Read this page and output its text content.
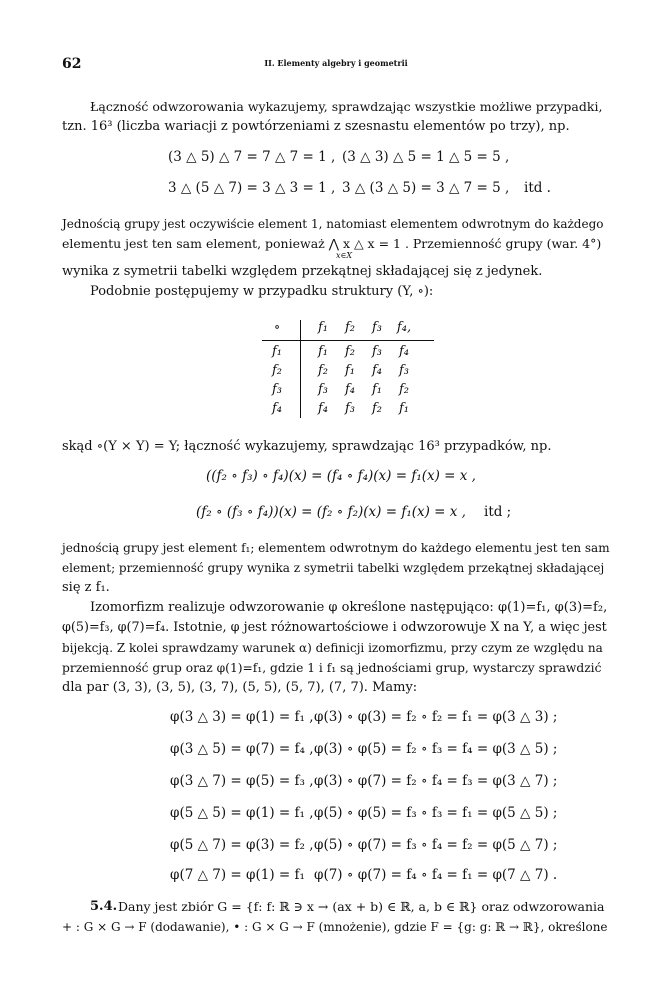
62	II. Elementy algebry i geometrii
Łączność odwzorowania wykazujemy, sprawdzając wszystkie możliwe przypadki,
tzn. 16³ (liczba wariacji z powtórzeniami z szesnastu elementów po trzy), np.
(3 △ 5) △ 7 = 7 △ 7 = 1 , (3 △ 3) △ 5 = 1 △ 5 = 5 ,
3 △ (5 △ 7) = 3 △ 3 = 1 , 3 △ (3 △ 5) = 3 △ 7 = 5 , itd .
Jednością grupy jest oczywiście element 1, natomiast elementem odwrotnym do każdego
elementu jest ten sam element, ponieważ ⋀ x △ x = 1 . Przemienność grupy (war. 4°)
x∈X
wynika z symetrii tabelki względem przekątnej składającej się z jedynek.
Podobnie postępujemy w przypadku struktury (Y, ∘):
∘	f₁	f₂	f₃	f₄,
f₁	f₁	f₂	f₃	f₄
f₂	f₂	f₁	f₄	f₃
f₃	f₃	f₄	f₁	f₂
f₄	f₄	f₃	f₂	f₁
skąd ∘(Y × Y) = Y; łączność wykazujemy, sprawdzając 16³ przypadków, np.
((f₂ ∘ f₃) ∘ f₄)(x) = (f₄ ∘ f₄)(x) = f₁(x) = x ,
(f₂ ∘ (f₃ ∘ f₄))(x) = (f₂ ∘ f₂)(x) = f₁(x) = x , itd ;
jednością grupy jest element f₁; elementem odwrotnym do każdego elementu jest ten sam
element; przemienność grupy wynika z symetrii tabelki względem przekątnej składającej
się z f₁.
Izomorfizm realizuje odwzorowanie φ określone następująco: φ(1)=f₁, φ(3)=f₂,
φ(5)=f₃, φ(7)=f₄. Istotnie, φ jest różnowartościowe i odwzorowuje X na Y, a więc jest
bijekcją. Z kolei sprawdzamy warunek α) definicji izomorfizmu, przy czym ze względu na
przemienność grup oraz φ(1)=f₁, gdzie 1 i f₁ są jednościami grup, wystarczy sprawdzić
dla par (3, 3), (3, 5), (3, 7), (5, 5), (5, 7), (7, 7). Mamy:
φ(3 △ 3) = φ(1) = f₁ , φ(3) ∘ φ(3) = f₂ ∘ f₂ = f₁ = φ(3 △ 3) ;
φ(3 △ 5) = φ(7) = f₄ , φ(3) ∘ φ(5) = f₂ ∘ f₃ = f₄ = φ(3 △ 5) ;
φ(3 △ 7) = φ(5) = f₃ , φ(3) ∘ φ(7) = f₂ ∘ f₄ = f₃ = φ(3 △ 7) ;
φ(5 △ 5) = φ(1) = f₁ , φ(5) ∘ φ(5) = f₃ ∘ f₃ = f₁ = φ(5 △ 5) ;
φ(5 △ 7) = φ(3) = f₂ , φ(5) ∘ φ(7) = f₃ ∘ f₄ = f₂ = φ(5 △ 7) ;
φ(7 △ 7) = φ(1) = f₁ φ(7) ∘ φ(7) = f₄ ∘ f₄ = f₁ = φ(7 △ 7) .
5.4. Dany jest zbiór G = {f: f: ℝ ∋ x → (ax + b) ∈ ℝ, a, b ∈ ℝ} oraz odwzorowania
+ : G × G → F (dodawanie), • : G × G → F (mnożenie), gdzie F = {g: g: ℝ → ℝ}, określone
